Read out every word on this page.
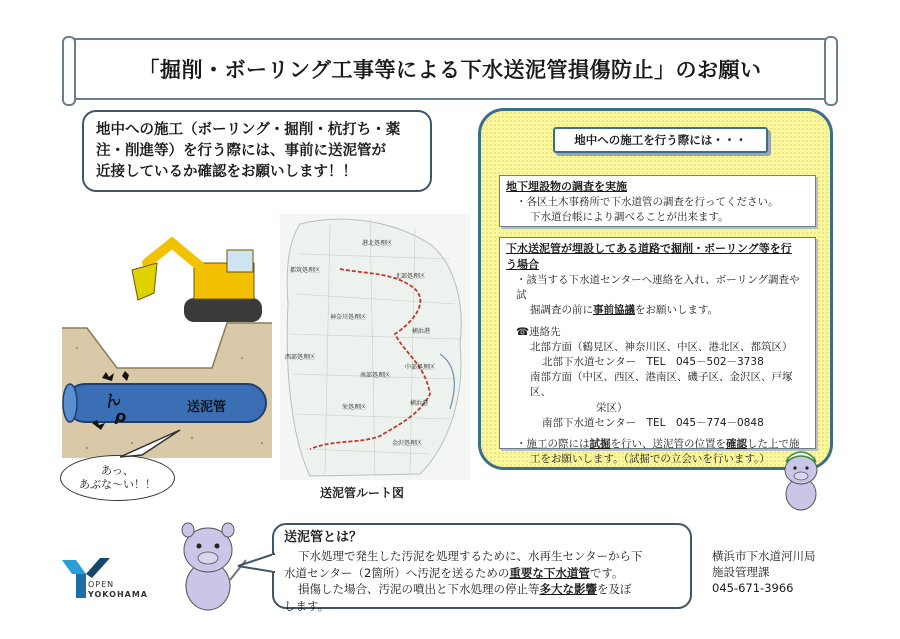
「掘削・ボーリング工事等による下水送泥管損傷防止」のお願い
地中への施工（ボーリング・掘削・杭打ち・薬
注・削進等）を行う際には、事前に送泥管が
近接しているか確認をお願いします！！
ん
ρ	送泥管
あっ、
あぶな～い！！
港北処理区
都筑処理区
北部処理区
神奈川処理区
横浜港
西部処理区
中部処理区
南部処理区
栄処理区
横浜港
金沢処理区
送泥管ルート図
地中への施工を行う際には・・・

地下埋設物の調査を実施

・各区土木事務所で下水道管の調査を行ってください。

下水道台帳により調べることが出来ます。

下水送泥管が埋設してある道路で掘削・ボーリング等を行

う場合

・該当する下水道センターへ連絡を入れ、ボーリング調査や試

掘調査の前に事前協議をお願いします。

☎連絡先

北部方面（鶴見区、神奈川区、中区、港北区、都筑区）

北部下水道センター　TEL　045－502－3738

南部方面（中区、西区、港南区、磯子区、金沢区、戸塚区、

栄区）

南部下水道センター　TEL　045－774－0848

・施工の際には試掘を行い、送泥管の位置を確認した上で施

工をお願いします。（試掘での立会いを行います。）

送泥管とは？

下水処理で発生した汚泥を処理するために、水再生センターから下

水道センター（2箇所）へ汚泥を送るための重要な下水道管です。

損傷した場合、汚泥の噴出と下水処理の停止等多大な影響を及ぼ

します。

OPEN
YOKOHAMA
横浜市下水道河川局
施設管理課
045-671-3966
